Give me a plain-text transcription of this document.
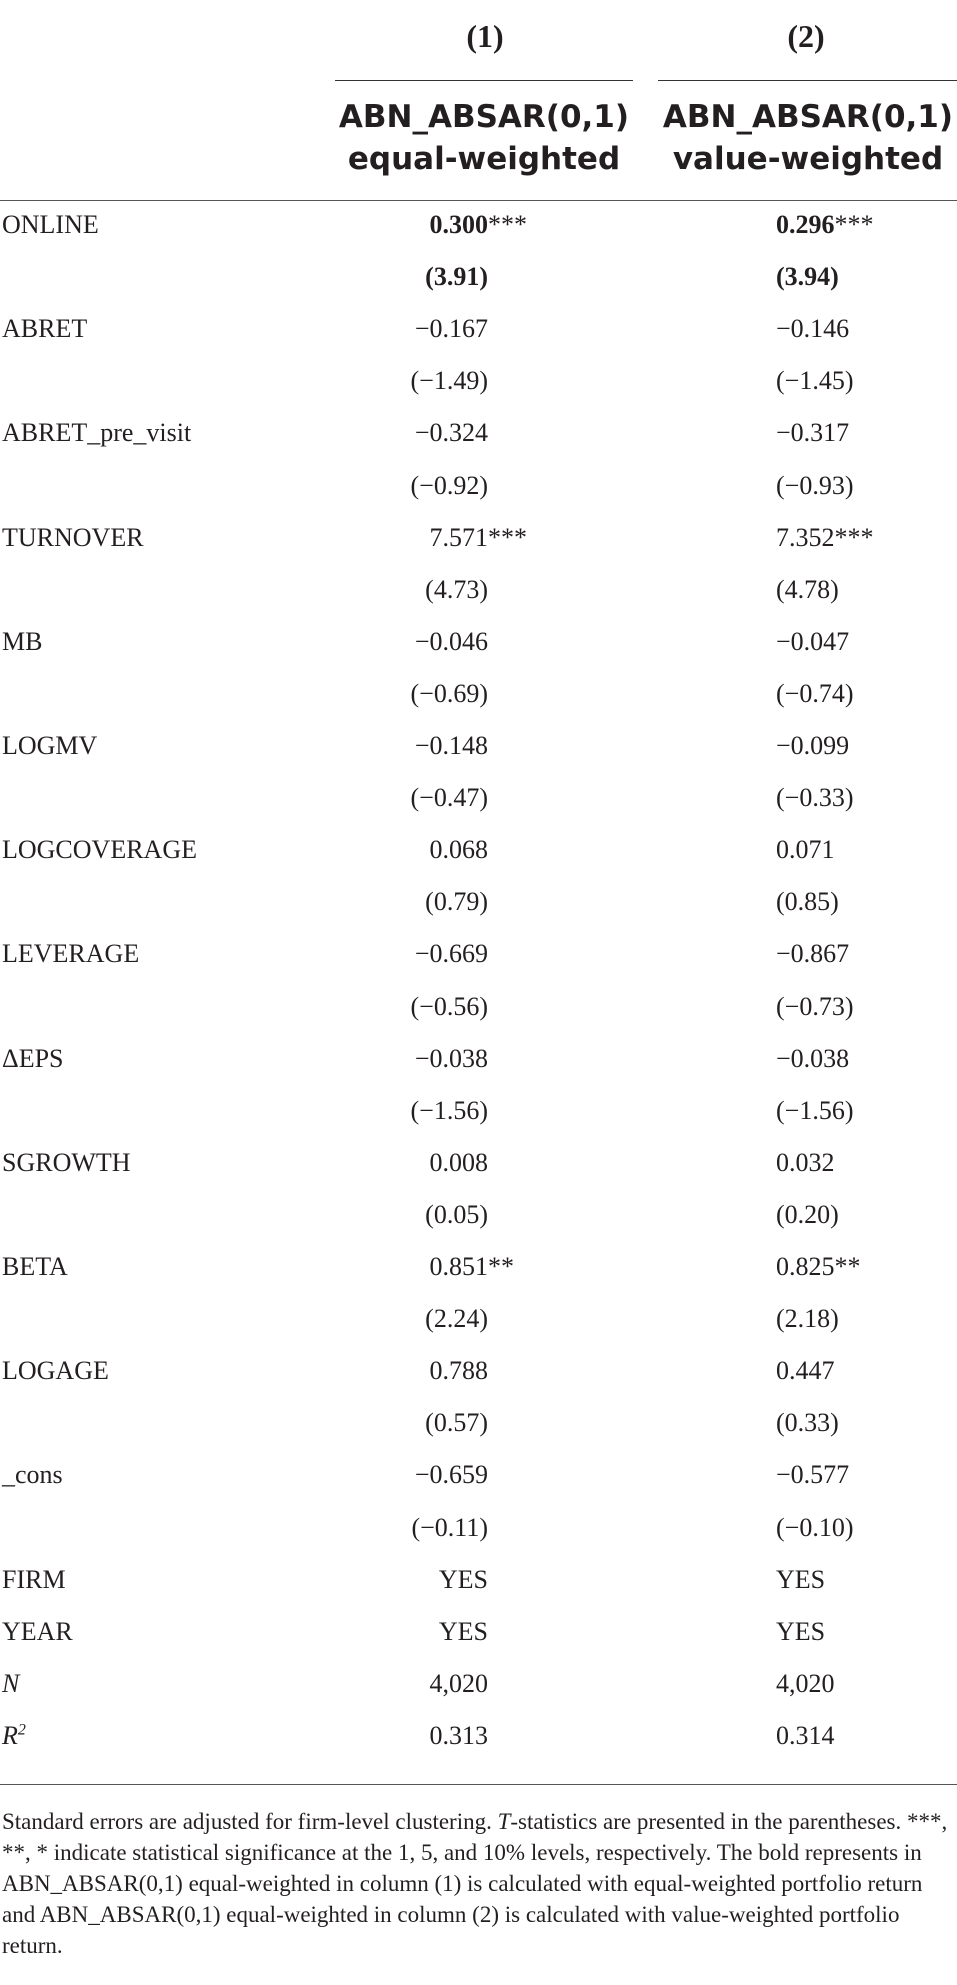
(1)	(2)
ABN_ABSAR(0,1)
equal-weighted
ABN_ABSAR(0,1)
value-weighted
ONLINE	0.300***	0.296***
(3.91)	(3.94)
ABRET	−0.167	−0.146
(−1.49)	(−1.45)
ABRET_pre_visit	−0.324	−0.317
(−0.92)	(−0.93)
TURNOVER	7.571***	7.352***
(4.73)	(4.78)
MB	−0.046	−0.047
(−0.69)	(−0.74)
LOGMV	−0.148	−0.099
(−0.47)	(−0.33)
LOGCOVERAGE	0.068	0.071
(0.79)	(0.85)
LEVERAGE	−0.669	−0.867
(−0.56)	(−0.73)
ΔEPS	−0.038	−0.038
(−1.56)	(−1.56)
SGROWTH	0.008	0.032
(0.05)	(0.20)
BETA	0.851**	0.825**
(2.24)	(2.18)
LOGAGE	0.788	0.447
(0.57)	(0.33)
_cons	−0.659	−0.577
(−0.11)	(−0.10)
FIRM	YES	YES
YEAR	YES	YES
N	4,020	4,020
$R^2$	0.313	0.314
Standard errors are adjusted for firm-level clustering. T-statistics are presented in the parentheses. ***, **, * indicate statistical significance at the 1, 5, and 10% levels, respectively. The bold represents in ABN_ABSAR(0,1) equal-weighted in column (1) is calculated with equal-weighted portfolio return and ABN_ABSAR(0,1) equal-weighted in column (2) is calculated with value-weighted portfolio return.
